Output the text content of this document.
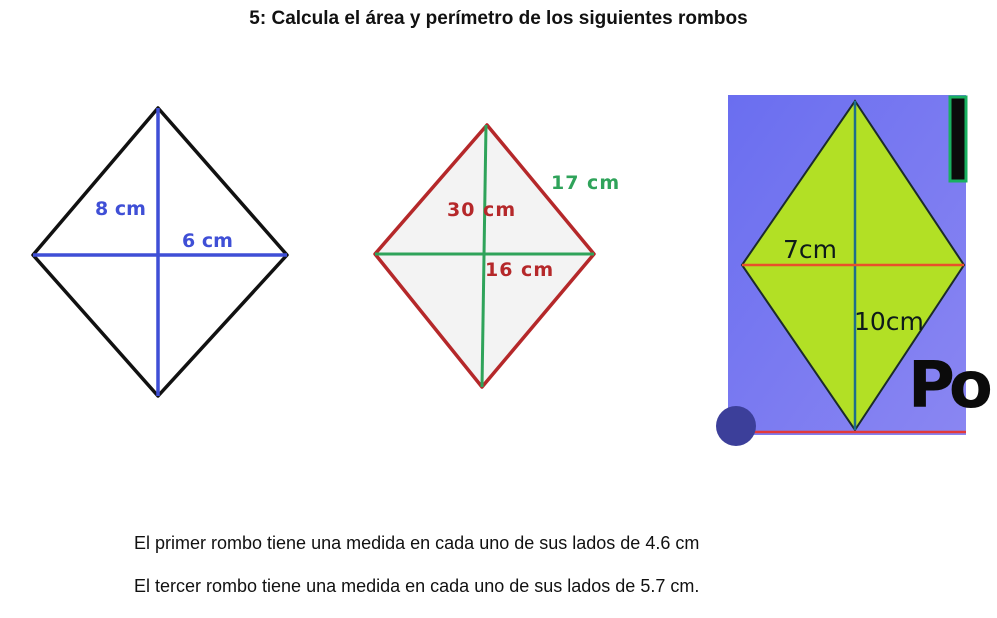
5: Calcula el área y perímetro de los siguientes rombos
8 cm
6 cm
17 cm
30 cm
16 cm
7cm
10cm
Po
El primer rombo tiene una medida en cada uno de sus lados de 4.6 cm
El tercer rombo tiene una medida en cada uno de sus lados de 5.7 cm.
